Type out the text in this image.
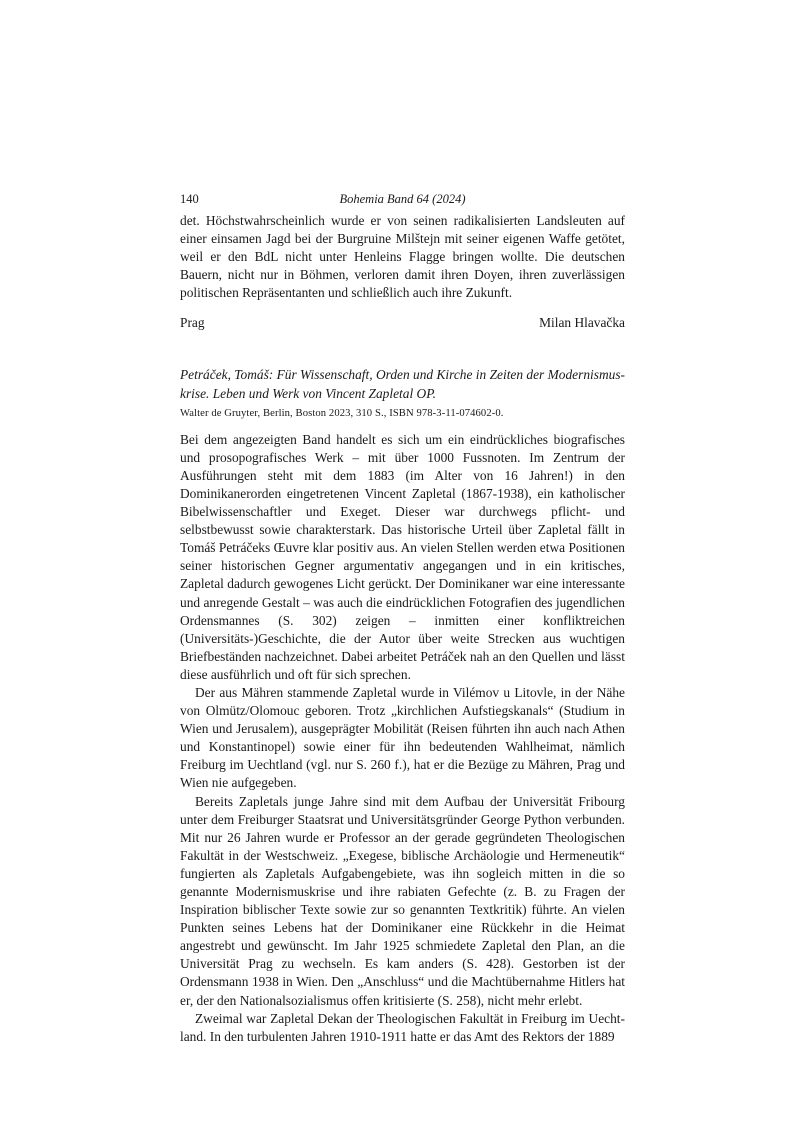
140	Bohemia Band 64 (2024)

det. Höchstwahrscheinlich wurde er von seinen radikalisierten Landsleuten auf einer einsamen Jagd bei der Burgruine Milštejn mit seiner eigenen Waffe getötet, weil er den BdL nicht unter Henleins Flagge bringen wollte. Die deutschen Bauern, nicht nur in Böhmen, verloren damit ihren Doyen, ihren zuverlässigen politischen Repräsentanten und schließlich auch ihre Zukunft.

Prag	Milan Hlavačka
Petráček, Tomáš: Für Wissenschaft, Orden und Kirche in Zeiten der Modernismuskrise. Leben und Werk von Vincent Zapletal OP.
Walter de Gruyter, Berlin, Boston 2023, 310 S., ISBN 978-3-11-074602-0.

Bei dem angezeigten Band handelt es sich um ein eindrückliches biografisches und prosopografisches Werk – mit über 1000 Fussnoten. Im Zentrum der Ausführungen steht mit dem 1883 (im Alter von 16 Jahren!) in den Dominikanerorden eingetretenen Vincent Zapletal (1867-1938), ein katholischer Bibelwissenschaftler und Exeget. Dieser war durchwegs pflicht- und selbstbewusst sowie charakterstark. Das historische Urteil über Zapletal fällt in Tomáš Petráčeks Œuvre klar positiv aus. An vielen Stellen werden etwa Positionen seiner historischen Gegner argumentativ angegangen und in ein kritisches, Zapletal dadurch gewogenes Licht gerückt. Der Dominikaner war eine interessante und anregende Gestalt – was auch die eindrücklichen Fotografien des jugendlichen Ordensmannes (S. 302) zeigen – inmitten einer konfliktreichen (Universitäts-)Geschichte, die der Autor über weite Strecken aus wuchtigen Briefbeständen nachzeichnet. Dabei arbeitet Petráček nah an den Quellen und lässt diese ausführlich und oft für sich sprechen.

Der aus Mähren stammende Zapletal wurde in Vilémov u Litovle, in der Nähe von Olmütz/Olomouc geboren. Trotz „kirchlichen Aufstiegskanals“ (Studium in Wien und Jerusalem), ausgeprägter Mobilität (Reisen führten ihn auch nach Athen und Konstantinopel) sowie einer für ihn bedeutenden Wahlheimat, nämlich Freiburg im Uechtland (vgl. nur S. 260 f.), hat er die Bezüge zu Mähren, Prag und Wien nie aufgegeben.

Bereits Zapletals junge Jahre sind mit dem Aufbau der Universität Fribourg unter dem Freiburger Staatsrat und Universitätsgründer George Python verbunden. Mit nur 26 Jahren wurde er Professor an der gerade gegründeten Theologischen Fakultät in der Westschweiz. „Exegese, biblische Archäologie und Hermeneutik“ fungierten als Zapletals Aufgabengebiete, was ihn sogleich mitten in die so genannte Modernismuskrise und ihre rabiaten Gefechte (z. B. zu Fragen der Inspiration biblischer Texte sowie zur so genannten Textkritik) führte. An vielen Punkten seines Lebens hat der Dominikaner eine Rückkehr in die Heimat angestrebt und gewünscht. Im Jahr 1925 schmiedete Zapletal den Plan, an die Universität Prag zu wechseln. Es kam anders (S. 428). Gestorben ist der Ordensmann 1938 in Wien. Den „Anschluss“ und die Machtübernahme Hitlers hat er, der den Nationalsozialismus offen kritisierte (S. 258), nicht mehr erlebt.

Zweimal war Zapletal Dekan der Theologischen Fakultät in Freiburg im Uechtland. In den turbulenten Jahren 1910-1911 hatte er das Amt des Rektors der 1889
